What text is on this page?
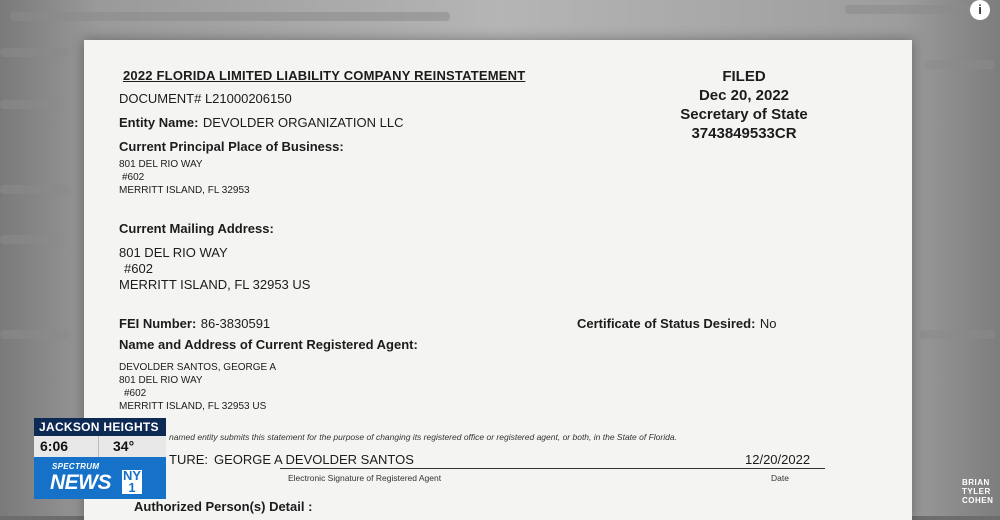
2022 FLORIDA LIMITED LIABILITY COMPANY REINSTATEMENT
DOCUMENT# L21000206150
Entity Name: DEVOLDER ORGANIZATION LLC
Current Principal Place of Business:
801 DEL RIO WAY
#602
MERRITT ISLAND, FL 32953
Current Mailing Address:
801 DEL RIO WAY
#602
MERRITT ISLAND, FL 32953 US
FEI Number: 86-3830591	Certificate of Status Desired: No
Name and Address of Current Registered Agent:
DEVOLDER SANTOS, GEORGE A
801 DEL RIO WAY
#602
MERRITT ISLAND, FL 32953 US
named entity submits this statement for the purpose of changing its registered office or registered agent, or both, in the State of Florida.
TURE: GEORGE A DEVOLDER SANTOS	12/20/2022
Electronic Signature of Registered Agent	Date
Authorized Person(s) Detail :
FILED
Dec 20, 2022
Secretary of State
3743849533CR
JACKSON HEIGHTS
6:06	34°
SPECTRUM
NEWS NY 1
i
BRIAN
TYLER
COHEN
